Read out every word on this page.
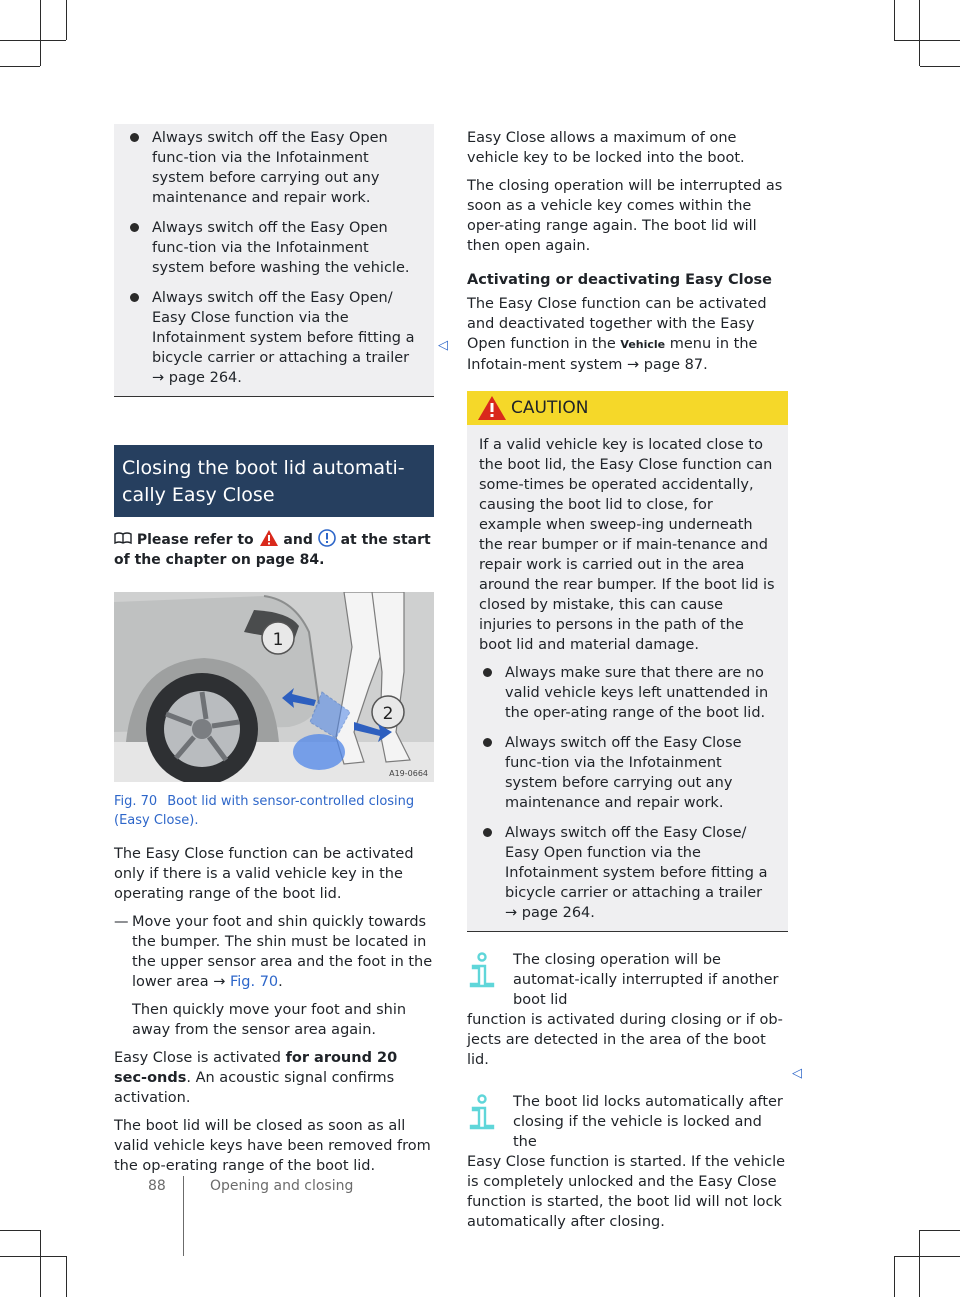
Always switch off the Easy Open func-tion via the Infotainment system before carrying out any maintenance and repair work.
Always switch off the Easy Open func-tion via the Infotainment system before washing the vehicle.
Always switch off the Easy Open/ Easy Close function via the Infotainment system before fitting a bicycle carrier or attaching a trailer → page 264.
Closing the boot lid automati-cally Easy Close
Please refer to and at the start of the chapter on page 84.
1
2
A19-0664
Fig. 70 Boot lid with sensor-controlled closing (Easy Close).

The Easy Close function can be activated only if there is a valid vehicle key in the operating range of the boot lid.

— Move your foot and shin quickly towards the bumper. The shin must be located in the upper sensor area and the foot in the lower area → Fig. 70.

Then quickly move your foot and shin away from the sensor area again.

Easy Close is activated for around 20 sec-onds. An acoustic signal confirms activation.

The boot lid will be closed as soon as all valid vehicle keys have been removed from the op-erating range of the boot lid.

◁

Easy Close allows a maximum of one vehicle key to be locked into the boot.

The closing operation will be interrupted as soon as a vehicle key comes within the oper-ating range again. The boot lid will then open again.

Activating or deactivating Easy Close

The Easy Close function can be activated and deactivated together with the Easy Open function in the Vehicle menu in the Infotain-ment system → page 87.

CAUTION

If a valid vehicle key is located close to the boot lid, the Easy Close function can some-times be operated accidentally, causing the boot lid to close, for example when sweep-ing underneath the rear bumper or if main-tenance and repair work is carried out in the area around the rear bumper. If the boot lid is closed by mistake, this can cause injuries to persons in the path of the boot lid and material damage.

Always make sure that there are no valid vehicle keys left unattended in the oper-ating range of the boot lid.
Always switch off the Easy Close func-tion via the Infotainment system before carrying out any maintenance and repair work.
Always switch off the Easy Close/ Easy Open function via the Infotainment system before fitting a bicycle carrier or attaching a trailer → page 264.
The closing operation will be automat-ically interrupted if another boot lid
function is activated during closing or if ob-jects are detected in the area of the boot lid.
The boot lid locks automatically after closing if the vehicle is locked and the
Easy Close function is started. If the vehicle is completely unlocked and the Easy Close function is started, the boot lid will not lock automatically after closing.
◁
88	Opening and closing
